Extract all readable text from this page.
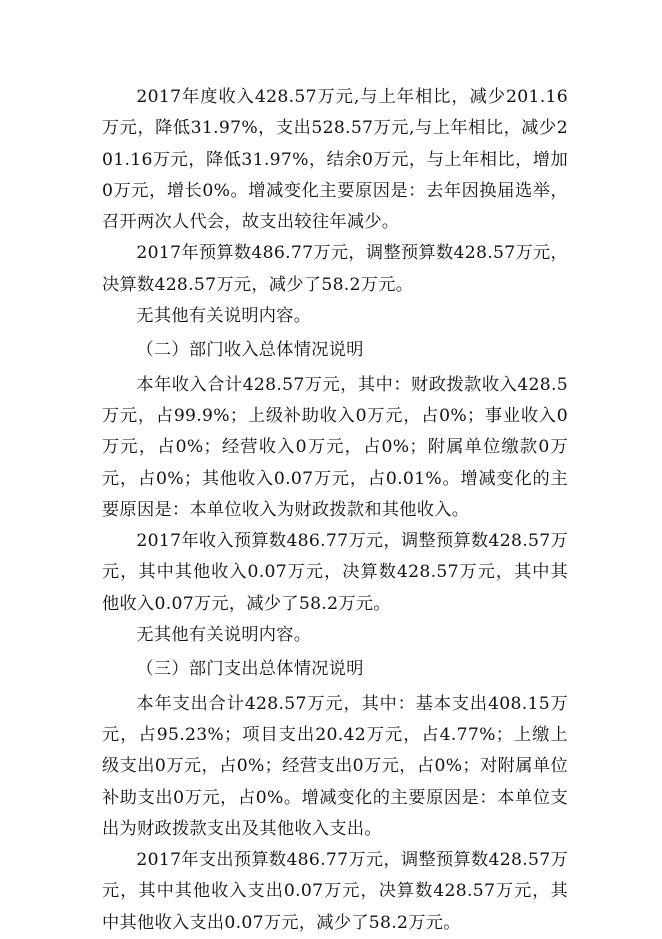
2017年度收入428.57万元,与上年相比，减少201.16万元，降低31.97%，支出528.57万元,与上年相比，减少201.16万元，降低31.97%，结余0万元，与上年相比，增加0万元，增长0%。增减变化主要原因是：去年因换届选举，召开两次人代会，故支出较往年减少。

2017年预算数486.77万元，调整预算数428.57万元，决算数428.57万元，减少了58.2万元。

无其他有关说明内容。

（二）部门收入总体情况说明

本年收入合计428.57万元，其中：财政拨款收入428.5万元，占99.9%；上级补助收入0万元，占0%；事业收入0万元，占0%；经营收入0万元，占0%；附属单位缴款0万元，占0%；其他收入0.07万元，占0.01%。增减变化的主要原因是：本单位收入为财政拨款和其他收入。

2017年收入预算数486.77万元，调整预算数428.57万元，其中其他收入0.07万元，决算数428.57万元，其中其他收入0.07万元，减少了58.2万元。

无其他有关说明内容。

（三）部门支出总体情况说明

本年支出合计428.57万元，其中：基本支出408.15万元，占95.23%；项目支出20.42万元，占4.77%；上缴上级支出0万元，占0%；经营支出0万元，占0%；对附属单位补助支出0万元，占0%。增减变化的主要原因是：本单位支出为财政拨款支出及其他收入支出。

2017年支出预算数486.77万元，调整预算数428.57万元，其中其他收入支出0.07万元，决算数428.57万元，其中其他收入支出0.07万元，减少了58.2万元。
